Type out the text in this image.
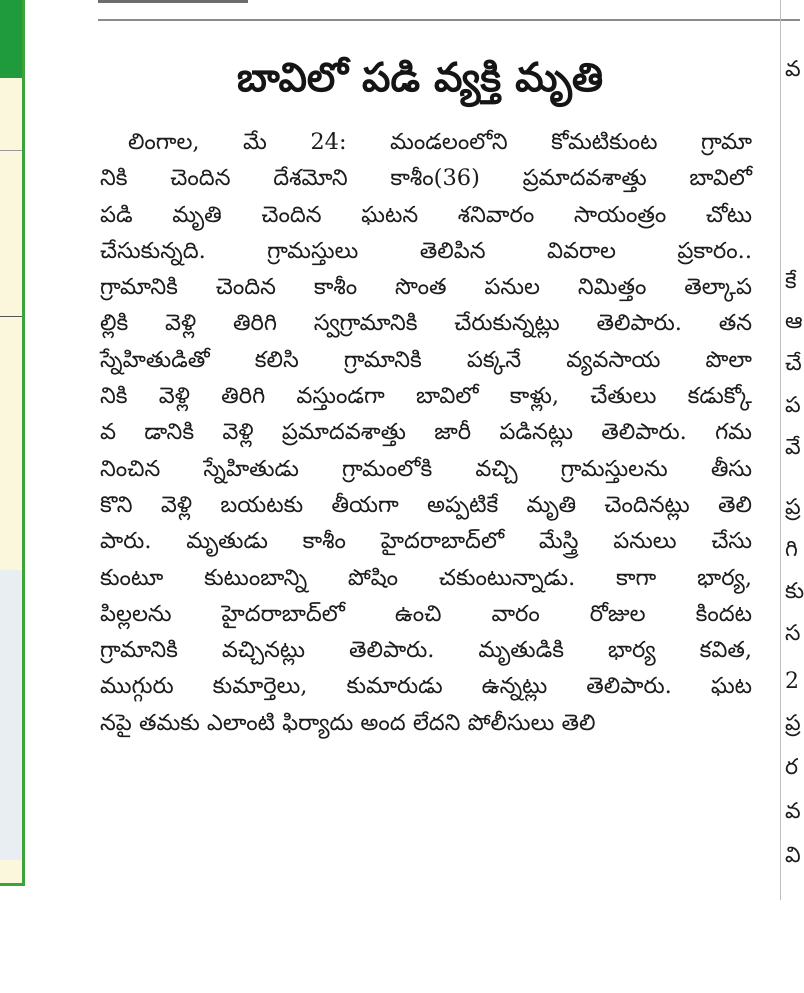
బావిలో పడి వ్యక్తి మృతి
లింగాల, మే 24: మండలంలోని కోమటికుంట గ్రామా
నికి చెందిన దేశమోని కాశీం(36) ప్రమాదవశాత్తు బావిలో
పడి మృతి చెందిన ఘటన శనివారం సాయంత్రం చోటు
చేసుకున్నది. గ్రామస్తులు తెలిపిన వివరాల ప్రకారం..
గ్రామానికి చెందిన కాశీం సొంత పనుల నిమిత్తం తెల్కాప
ల్లికి వెళ్లి తిరిగి స్వగ్రామానికి చేరుకున్నట్లు తెలిపారు. తన
స్నేహితుడితో కలిసి గ్రామానికి పక్కనే వ్యవసాయ పొలా
నికి వెళ్లి తిరిగి వస్తుండగా బావిలో కాళ్లు, చేతులు కడుక్కో
వ డానికి వెళ్లి ప్రమాదవశాత్తు జారీ పడినట్లు తెలిపారు. గమ
నించిన స్నేహితుడు గ్రామంలోకి వచ్చి గ్రామస్తులను తీసు
కొని వెళ్లి బయటకు తీయగా అప్పటికే మృతి చెందినట్లు తెలి
పారు. మృతుడు కాశీం హైదరాబాద్‌లో మేస్త్రి పనులు చేసు
కుంటూ కుటుంబాన్ని పోషిం చకుంటున్నాడు. కాగా భార్య,
పిల్లలను హైదరాబాద్‌లో ఉంచి వారం రోజుల కిందట
గ్రామానికి వచ్చినట్లు తెలిపారు. మృతుడికి భార్య కవిత,
ముగ్గురు కుమార్తెలు, కుమారుడు ఉన్నట్లు తెలిపారు. ఘట
నపై తమకు ఎలాంటి ఫిర్యాదు అంద లేదని పోలీసులు తెలి
వ
కే
ఆ
చే
ప
వే
ప్ర
గి
కు
స
2
ప్ర
ర
వ
వి
